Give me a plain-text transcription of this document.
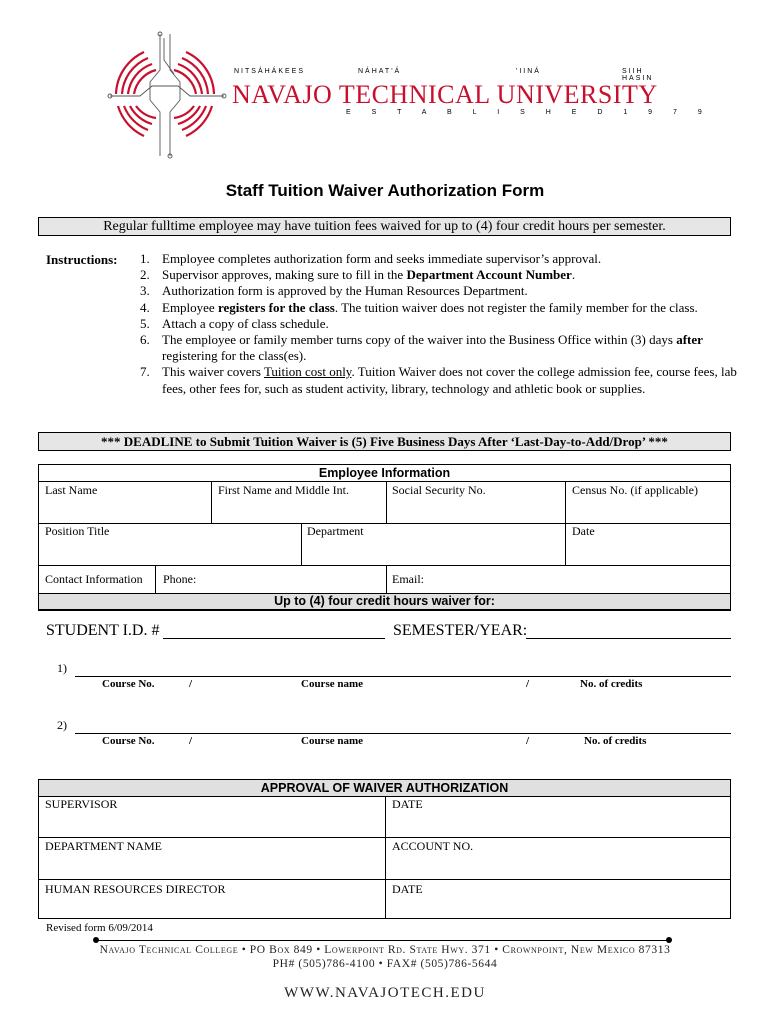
NITSÁHÁKEES	NÁHAT'Á	'IINÁ	SIIH HASIN
NAVAJO TECHNICAL UNIVERSITY
E S T A B L I S H E D 1 9 7 9
Staff Tuition Waiver Authorization Form
Regular fulltime employee may have tuition fees waived for up to (4) four credit hours per semester.
Instructions: 1. Employee completes authorization form and seeks immediate supervisor’s approval.
2. Supervisor approves, making sure to fill in the Department Account Number.
3. Authorization form is approved by the Human Resources Department.
4. Employee registers for the class. The tuition waiver does not register the family member for the class.
5. Attach a copy of class schedule.
6. The employee or family member turns copy of the waiver into the Business Office within (3) days after registering for the class(es).
7. This waiver covers Tuition cost only. Tuition Waiver does not cover the college admission fee, course fees, lab fees, other fees for, such as student activity, library, technology and athletic book or supplies.
*** DEADLINE to Submit Tuition Waiver is (5) Five Business Days After ‘Last-Day-to-Add/Drop’ ***
Employee Information
Last Name	First Name and Middle Int.	Social Security No.	Census No. (if applicable)
Position Title	Department	Date
Contact Information Phone:	Email:
Up to (4) four credit hours waiver for:
STUDENT I.D. #	SEMESTER/YEAR:
1)
Course No.	/	Course name	/	No. of credits
2)
Course No.	/	Course name	/	No. of credits
APPROVAL OF WAIVER AUTHORIZATION
SUPERVISOR	DATE
DEPARTMENT NAME	ACCOUNT NO.
HUMAN RESOURCES DIRECTOR	DATE
Revised form 6/09/2014
Navajo Technical College • PO Box 849 • Lowerpoint Rd. State Hwy. 371 • Crownpoint, New Mexico 87313
PH# (505)786-4100 • FAX# (505)786-5644
WWW.NAVAJOTECH.EDU
